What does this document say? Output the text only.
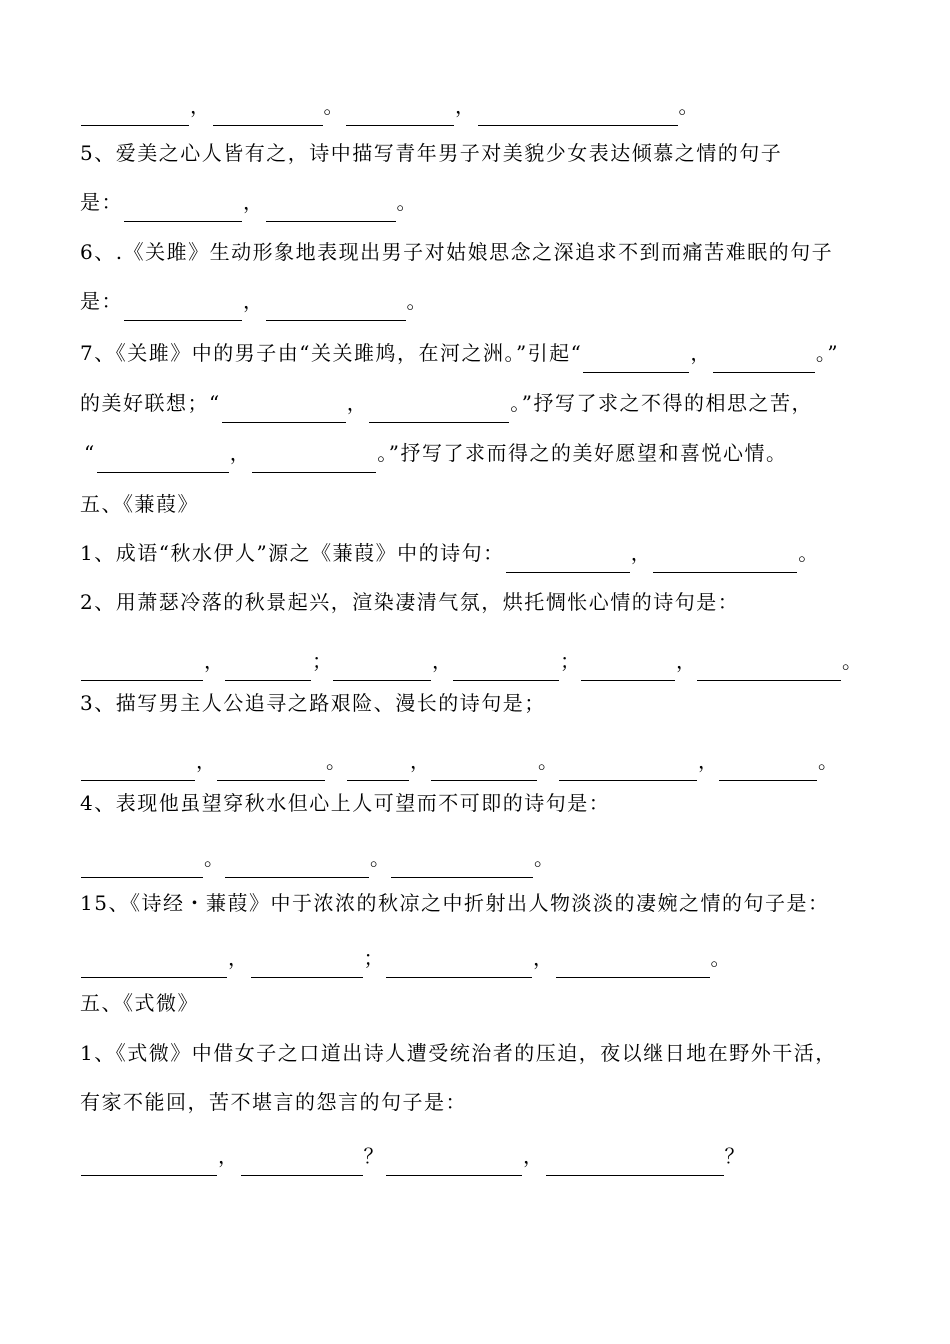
，	。	，	。
5、爱美之心人皆有之，诗中描写青年男子对美貌少女表达倾慕之情的句子
是：	，	。
6、.《关雎》生动形象地表现出男子对姑娘思念之深追求不到而痛苦难眠的句子
是：	，	。
7、《关雎》中的男子由“关关雎鸠，在河之洲。”引起“	，	。”
的美好联想；“	，	。”抒写了求之不得的相思之苦，
“	，	。”抒写了求而得之的美好愿望和喜悦心情。
五、《蒹葭》
1、成语“秋水伊人”源之《蒹葭》中的诗句：	，	。
2、用萧瑟冷落的秋景起兴，渲染凄清气氛，烘托惆怅心情的诗句是：
，	；	，	；	，	。
3、描写男主人公追寻之路艰险、漫长的诗句是；
，	。	，	。	，	。
4、表现他虽望穿秋水但心上人可望而不可即的诗句是：
。	。	。
15、《诗经・蒹葭》中于浓浓的秋凉之中折射出人物淡淡的凄婉之情的句子是：
，	；	，	。
五、《式微》
1、《式微》中借女子之口道出诗人遭受统治者的压迫，夜以继日地在野外干活，
有家不能回，苦不堪言的怨言的句子是：
，	？	，	？
